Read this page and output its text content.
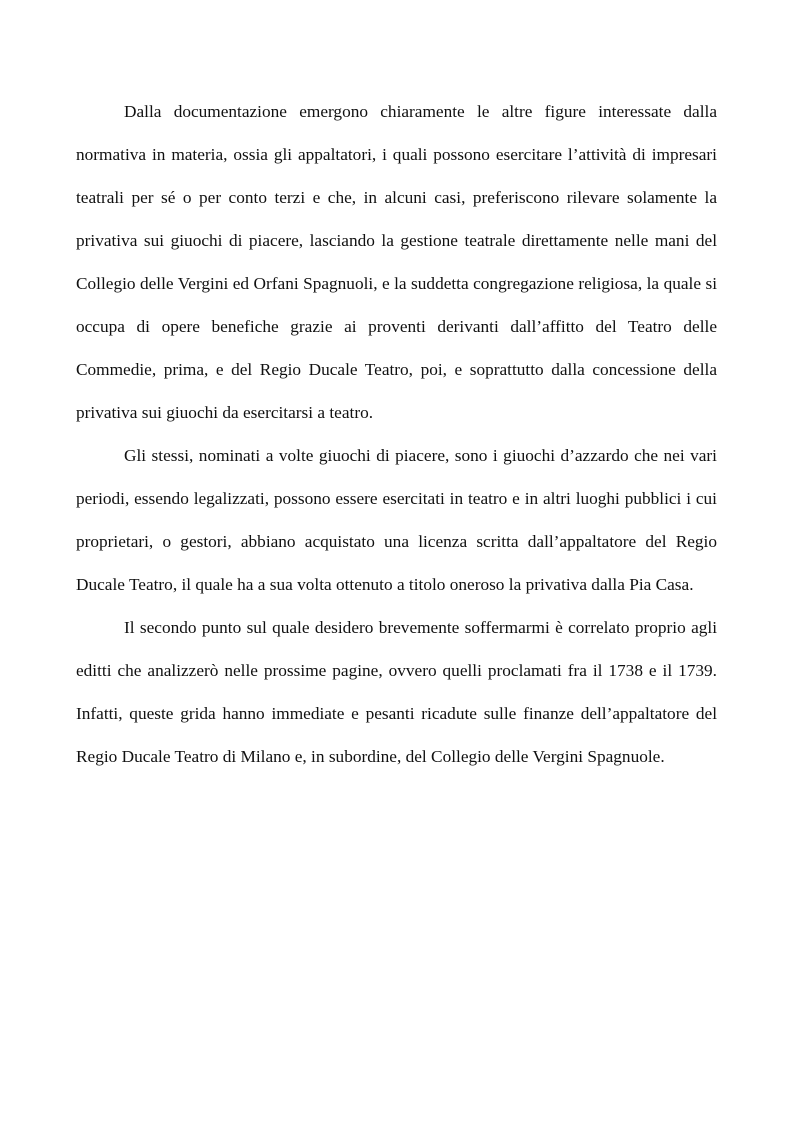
Dalla documentazione emergono chiaramente le altre figure interessate dalla normativa in materia, ossia gli appaltatori, i quali possono esercitare l’attività di impresari teatrali per sé o per conto terzi e che, in alcuni casi, preferiscono rilevare solamente la privativa sui giuochi di piacere, lasciando la gestione teatrale direttamente nelle mani del Collegio delle Vergini ed Orfani Spagnuoli, e la suddetta congregazione religiosa, la quale si occupa di opere benefiche grazie ai proventi derivanti dall’affitto del Teatro delle Commedie, prima, e del Regio Ducale Teatro, poi, e soprattutto dalla concessione della privativa sui giuochi da esercitarsi a teatro.

Gli stessi, nominati a volte giuochi di piacere, sono i giuochi d’azzardo che nei vari periodi, essendo legalizzati, possono essere esercitati in teatro e in altri luoghi pubblici i cui proprietari, o gestori, abbiano acquistato una licenza scritta dall’appaltatore del Regio Ducale Teatro, il quale ha a sua volta ottenuto a titolo oneroso la privativa dalla Pia Casa.

Il secondo punto sul quale desidero brevemente soffermarmi è correlato proprio agli editti che analizzerò nelle prossime pagine, ovvero quelli proclamati fra il 1738 e il 1739. Infatti, queste grida hanno immediate e pesanti ricadute sulle finanze dell’appaltatore del Regio Ducale Teatro di Milano e, in subordine, del Collegio delle Vergini Spagnuole.
